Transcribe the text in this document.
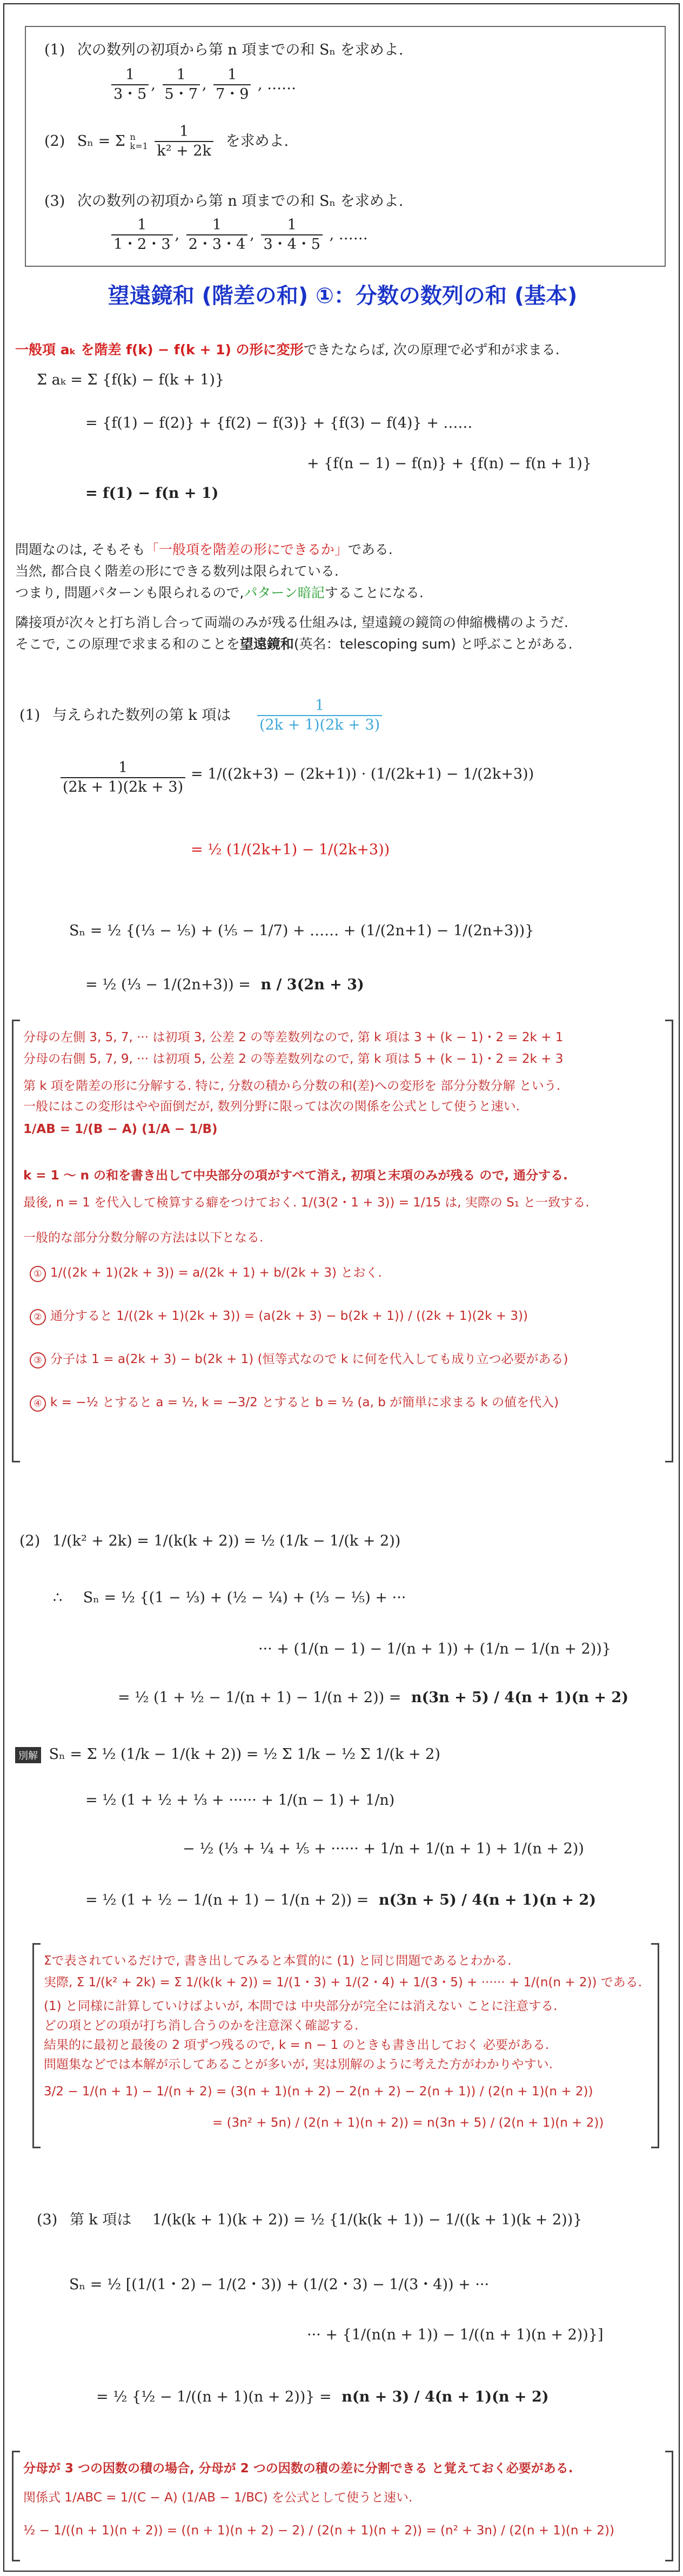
(1) 次の数列の初項から第 n 項までの和 Sₙ を求めよ.
$\frac{1}{3・5}$ , $\frac{1}{5・7}$ , $\frac{1}{7・9}$ , ……
(2) Sₙ = Σ n
k=1
$\frac{1}{\text{k² + 2k}}$ を求めよ.
(3) 次の数列の初項から第 n 項までの和 Sₙ を求めよ.
$\frac{1}{1・2・3}$ , $\frac{1}{2・3・4}$ , $\frac{1}{3・4・5}$ , ……
望遠鏡和 (階差の和) ①：分数の数列の和 (基本)
一般項 aₖ を階差 f(k) − f(k + 1) の形に変形できたならば, 次の原理で必ず和が求まる.
Σ aₖ = Σ {f(k) − f(k + 1)}
= {f(1) − f(2)} + {f(2) − f(3)} + {f(3) − f(4)} + ……
+ {f(n − 1) − f(n)} + {f(n) − f(n + 1)}
= f(1) − f(n + 1)
問題なのは, そもそも「一般項を階差の形にできるか」である.
当然, 都合良く階差の形にできる数列は限られている.
つまり, 問題パターンも限られるので,パターン暗記することになる.
隣接項が次々と打ち消し合って両端のみが残る仕組みは, 望遠鏡の鏡筒の伸縮機構のようだ.
そこで, この原理で求まる和のことを望遠鏡和(英名：telescoping sum) と呼ぶことがある.
(1) 与えられた数列の第 k 項は $\frac{1}{(2k + 1)(2k + 3)}$
$\frac{1}{(2k + 1)(2k + 3)} = 1/((2k+3) - (2k+1)) \cdot (1/(2k+1) - 1/(2k+3))$
= ½ (1/(2k+1) − 1/(2k+3))
Sₙ = ½ {(⅓ − ⅕) + (⅕ − 1/7) + …… + (1/(2n+1) − 1/(2n+3))}
= ½ (⅓ − 1/(2n+3)) = n / 3(2n + 3)
分母の左側 3, 5, 7, ··· は初項 3, 公差 2 の等差数列なので, 第 k 項は 3 + (k − 1)・2 = 2k + 1
分母の右側 5, 7, 9, ··· は初項 5, 公差 2 の等差数列なので, 第 k 項は 5 + (k − 1)・2 = 2k + 3
第 k 項を階差の形に分解する. 特に, 分数の積から分数の和(差)への変形を 部分分数分解 という.
一般にはこの変形はやや面倒だが, 数列分野に限っては次の関係を公式として使うと速い.
1/AB = 1/(B − A) (1/A − 1/B)
k = 1 〜 n の和を書き出して中央部分の項がすべて消え, 初項と末項のみが残る ので, 通分する.
最後, n = 1 を代入して検算する癖をつけておく. 1/(3(2・1 + 3)) = 1/15 は, 実際の S₁ と一致する.
一般的な部分分数分解の方法は以下となる.
① 1/((2k + 1)(2k + 3)) = a/(2k + 1) + b/(2k + 3) とおく.
② 通分すると 1/((2k + 1)(2k + 3)) = (a(2k + 3) − b(2k + 1)) / ((2k + 1)(2k + 3))
③ 分子は 1 = a(2k + 3) − b(2k + 1) (恒等式なので k に何を代入しても成り立つ必要がある)
④ k = −½ とすると a = ½, k = −3/2 とすると b = ½ (a, b が簡単に求まる k の値を代入)
(2) 1/(k² + 2k) = 1/(k(k + 2)) = ½ (1/k − 1/(k + 2))
∴ Sₙ = ½ {(1 − ⅓) + (½ − ¼) + (⅓ − ⅕) + ···
··· + (1/(n − 1) − 1/(n + 1)) + (1/n − 1/(n + 2))}
= ½ (1 + ½ − 1/(n + 1) − 1/(n + 2)) = n(3n + 5) / 4(n + 1)(n + 2)
別解 Sₙ = Σ ½ (1/k − 1/(k + 2)) = ½ Σ 1/k − ½ Σ 1/(k + 2)
= ½ (1 + ½ + ⅓ + ······ + 1/(n − 1) + 1/n)
− ½ (⅓ + ¼ + ⅕ + ······ + 1/n + 1/(n + 1) + 1/(n + 2))
= ½ (1 + ½ − 1/(n + 1) − 1/(n + 2)) = n(3n + 5) / 4(n + 1)(n + 2)
Σで表されているだけで, 書き出してみると本質的に (1) と同じ問題であるとわかる.
実際, Σ 1/(k² + 2k) = Σ 1/(k(k + 2)) = 1/(1・3) + 1/(2・4) + 1/(3・5) + ······ + 1/(n(n + 2)) である.
(1) と同様に計算していけばよいが, 本問では 中央部分が完全には消えない ことに注意する.
どの項とどの項が打ち消し合うのかを注意深く確認する.
結果的に最初と最後の 2 項ずつ残るので, k = n − 1 のときも書き出しておく 必要がある.
問題集などでは本解が示してあることが多いが, 実は別解のように考えた方がわかりやすい.
3/2 − 1/(n + 1) − 1/(n + 2) = (3(n + 1)(n + 2) − 2(n + 2) − 2(n + 1)) / (2(n + 1)(n + 2))
= (3n² + 5n) / (2(n + 1)(n + 2)) = n(3n + 5) / (2(n + 1)(n + 2))
(3) 第 k 項は 1/(k(k + 1)(k + 2)) = ½ {1/(k(k + 1)) − 1/((k + 1)(k + 2))}
Sₙ = ½ [(1/(1・2) − 1/(2・3)) + (1/(2・3) − 1/(3・4)) + ···
··· + {1/(n(n + 1)) − 1/((n + 1)(n + 2))}]
= ½ {½ − 1/((n + 1)(n + 2))} = n(n + 3) / 4(n + 1)(n + 2)
分母が 3 つの因数の積の場合, 分母が 2 つの因数の積の差に分割できる と覚えておく必要がある.
関係式 1/ABC = 1/(C − A) (1/AB − 1/BC) を公式として使うと速い.
½ − 1/((n + 1)(n + 2)) = ((n + 1)(n + 2) − 2) / (2(n + 1)(n + 2)) = (n² + 3n) / (2(n + 1)(n + 2))
